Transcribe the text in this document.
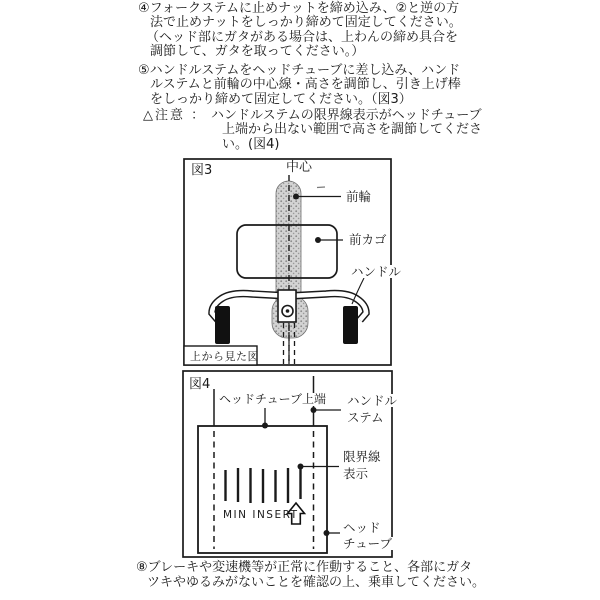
④フォークステムに止めナットを締め込み、②と逆の方
法で止めナットをしっかり締めて固定してください。
（ヘッド部にガタがある場合は、上わんの締め具合を
調節して、ガタを取ってください。）
⑤ハンドルステムをヘッドチューブに差し込み、ハンド
ルステムと前輪の中心線・高さを調節し、引き上げ棒
をしっかり締めて固定してください。（図3）
△注意 ： ハンドルステムの限界線表示がヘッドチューブ
上端から出ない範囲で高さを調節してくださ
い。(図4)
図3	中心
前輪
前カゴ
ハンドル
上から見た図
図4
ヘッドチューブ上端 ハンドル
ステム
限界線
表示
MIN INSERT
ヘッド
チューブ
⑧ブレーキや変速機等が正常に作動すること、各部にガタ
ツキやゆるみがないことを確認の上、乗車してください。
